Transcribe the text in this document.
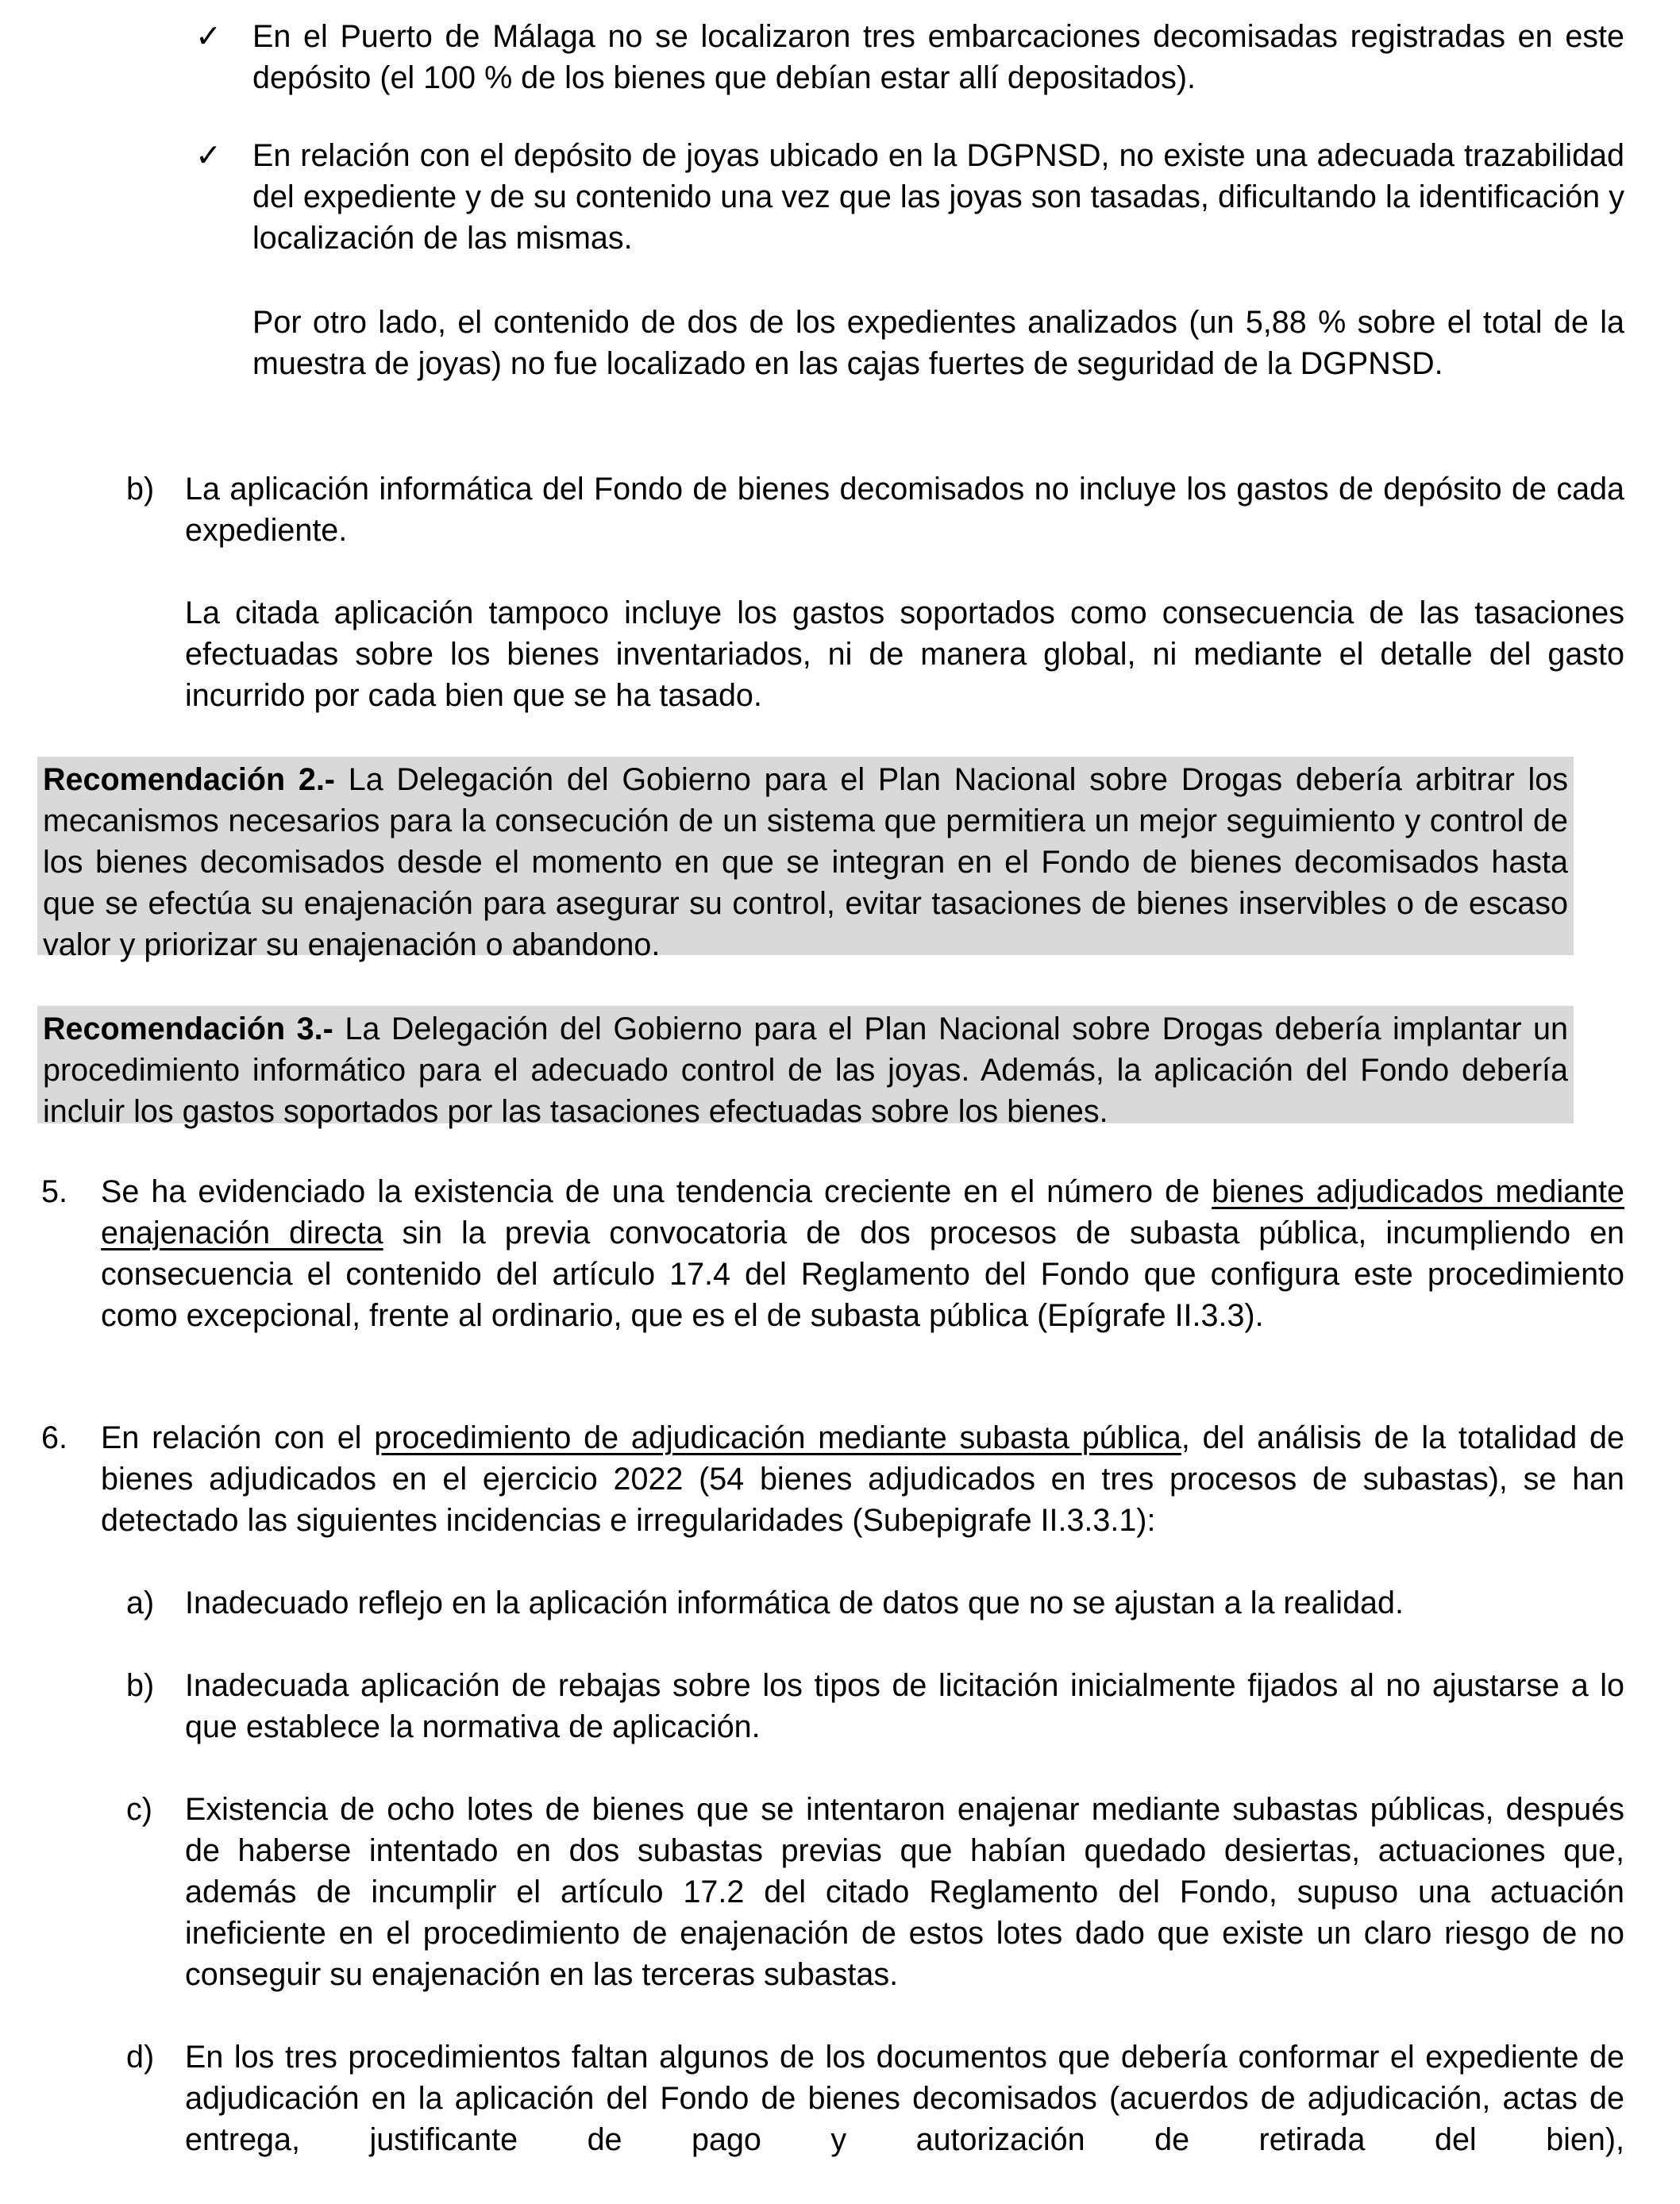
✓ En el Puerto de Málaga no se localizaron tres embarcaciones decomisadas registradas en este depósito (el 100 % de los bienes que debían estar allí depositados).

✓ En relación con el depósito de joyas ubicado en la DGPNSD, no existe una adecuada trazabilidad del expediente y de su contenido una vez que las joyas son tasadas, dificultando la identificación y localización de las mismas.

Por otro lado, el contenido de dos de los expedientes analizados (un 5,88 % sobre el total de la muestra de joyas) no fue localizado en las cajas fuertes de seguridad de la DGPNSD.

b) La aplicación informática del Fondo de bienes decomisados no incluye los gastos de depósito de cada expediente.

La citada aplicación tampoco incluye los gastos soportados como consecuencia de las tasaciones efectuadas sobre los bienes inventariados, ni de manera global, ni mediante el detalle del gasto incurrido por cada bien que se ha tasado.

Recomendación 2.- La Delegación del Gobierno para el Plan Nacional sobre Drogas debería arbitrar los mecanismos necesarios para la consecución de un sistema que permitiera un mejor seguimiento y control de los bienes decomisados desde el momento en que se integran en el Fondo de bienes decomisados hasta que se efectúa su enajenación para asegurar su control, evitar tasaciones de bienes inservibles o de escaso valor y priorizar su enajenación o abandono.

Recomendación 3.- La Delegación del Gobierno para el Plan Nacional sobre Drogas debería implantar un procedimiento informático para el adecuado control de las joyas. Además, la aplicación del Fondo debería incluir los gastos soportados por las tasaciones efectuadas sobre los bienes.

5. Se ha evidenciado la existencia de una tendencia creciente en el número de bienes adjudicados mediante enajenación directa sin la previa convocatoria de dos procesos de subasta pública, incumpliendo en consecuencia el contenido del artículo 17.4 del Reglamento del Fondo que configura este procedimiento como excepcional, frente al ordinario, que es el de subasta pública (Epígrafe II.3.3).

6. En relación con el procedimiento de adjudicación mediante subasta pública, del análisis de la totalidad de bienes adjudicados en el ejercicio 2022 (54 bienes adjudicados en tres procesos de subastas), se han detectado las siguientes incidencias e irregularidades (Subepigrafe II.3.3.1):

a) Inadecuado reflejo en la aplicación informática de datos que no se ajustan a la realidad.

b) Inadecuada aplicación de rebajas sobre los tipos de licitación inicialmente fijados al no ajustarse a lo que establece la normativa de aplicación.

c) Existencia de ocho lotes de bienes que se intentaron enajenar mediante subastas públicas, después de haberse intentado en dos subastas previas que habían quedado desiertas, actuaciones que, además de incumplir el artículo 17.2 del citado Reglamento del Fondo, supuso una actuación ineficiente en el procedimiento de enajenación de estos lotes dado que existe un claro riesgo de no conseguir su enajenación en las terceras subastas.

d) En los tres procedimientos faltan algunos de los documentos que debería conformar el expediente de adjudicación en la aplicación del Fondo de bienes decomisados (acuerdos de adjudicación, actas de entrega, justificante de pago y autorización de retirada del bien),
